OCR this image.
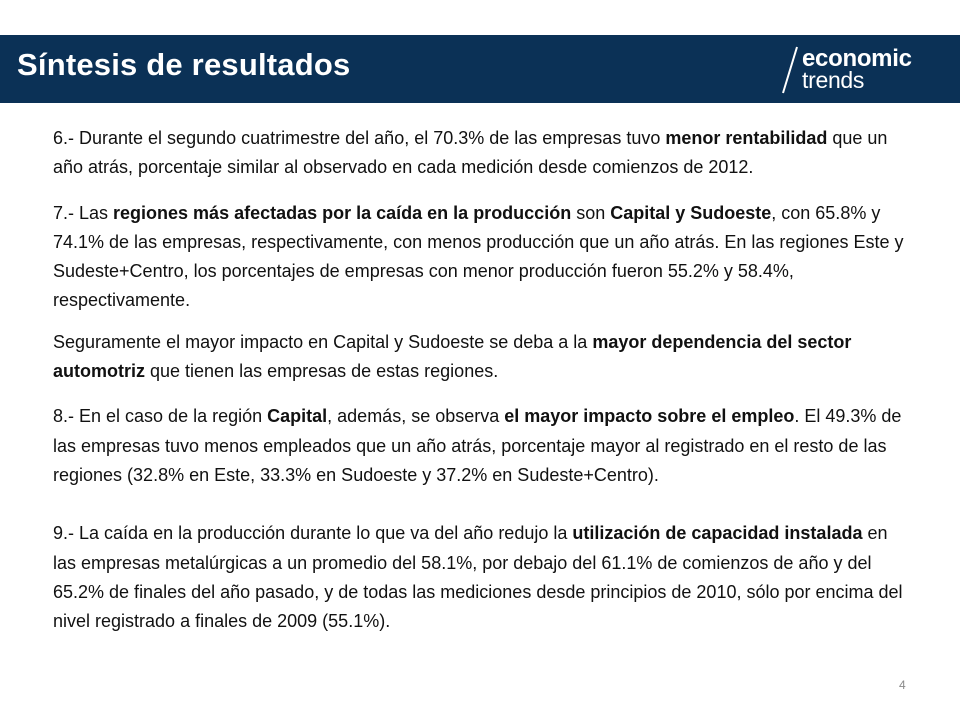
Síntesis de resultados	economic
trends

6.- Durante el segundo cuatrimestre del año, el 70.3% de las empresas tuvo menor rentabilidad que un año atrás, porcentaje similar al observado en cada medición desde comienzos de 2012.

7.- Las regiones más afectadas por la caída en la producción son Capital y Sudoeste, con 65.8% y 74.1% de las empresas, respectivamente, con menos producción que un año atrás. En las regiones Este y Sudeste+Centro, los porcentajes de empresas con menor producción fueron 55.2% y 58.4%, respectivamente.

Seguramente el mayor impacto en Capital y Sudoeste se deba a la mayor dependencia del sector automotriz que tienen las empresas de estas regiones.

8.- En el caso de la región Capital, además, se observa el mayor impacto sobre el empleo. El 49.3% de las empresas tuvo menos empleados que un año atrás, porcentaje mayor al registrado en el resto de las regiones (32.8% en Este, 33.3% en Sudoeste y 37.2% en Sudeste+Centro).

9.- La caída en la producción durante lo que va del año redujo la utilización de capacidad instalada en las empresas metalúrgicas a un promedio del 58.1%, por debajo del 61.1% de comienzos de año y del 65.2% de finales del año pasado, y de todas las mediciones desde principios de 2010, sólo por encima del nivel registrado a finales de 2009 (55.1%).

4
